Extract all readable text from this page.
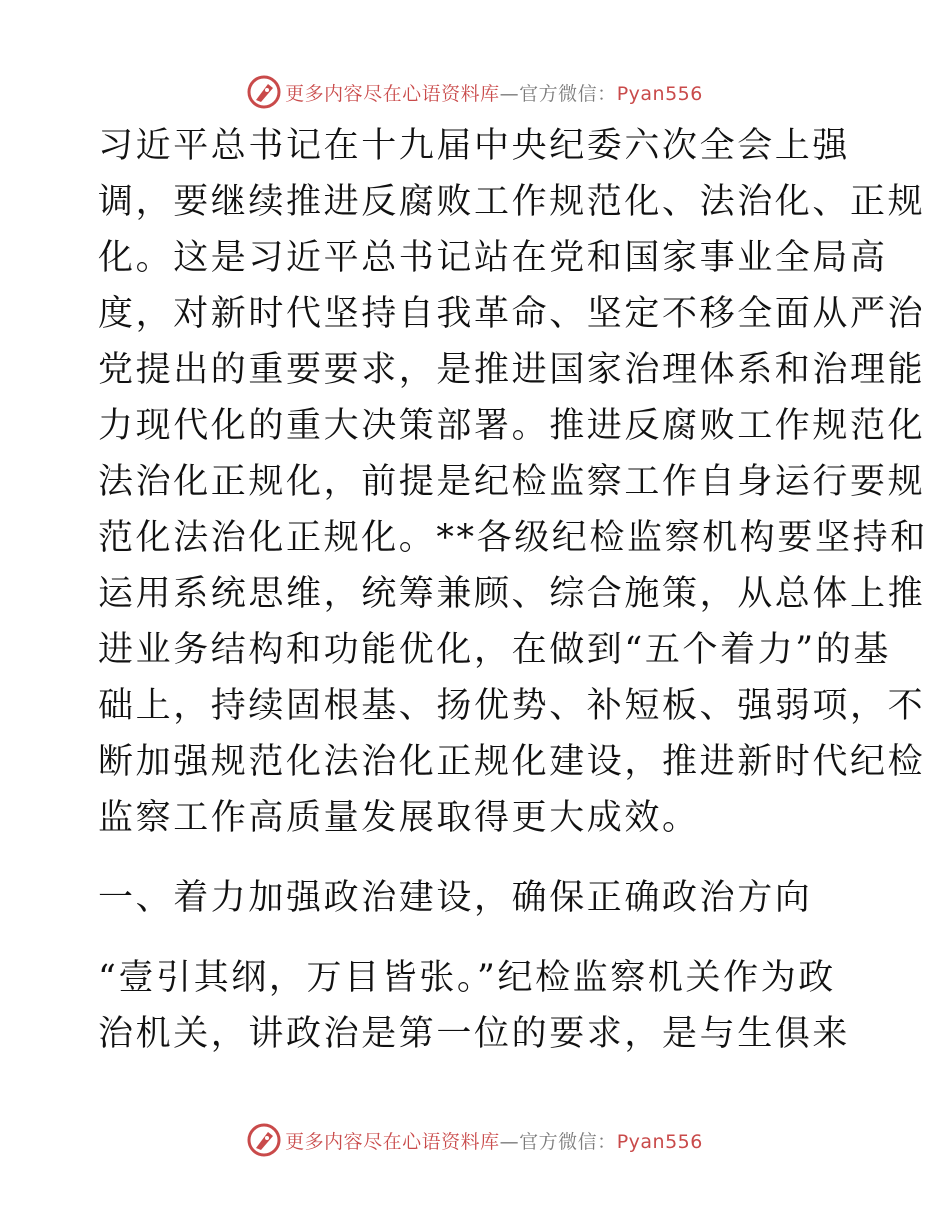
更多内容尽在心语资料库—官方微信：Pyan556
习近平总书记在十九届中央纪委六次全会上强
调，要继续推进反腐败工作规范化、法治化、正规
化。这是习近平总书记站在党和国家事业全局高
度，对新时代坚持自我革命、坚定不移全面从严治
党提出的重要要求，是推进国家治理体系和治理能
力现代化的重大决策部署。推进反腐败工作规范化
法治化正规化，前提是纪检监察工作自身运行要规
范化法治化正规化。**各级纪检监察机构要坚持和
运用系统思维，统筹兼顾、综合施策，从总体上推
进业务结构和功能优化，在做到“五个着力”的基
础上，持续固根基、扬优势、补短板、强弱项，不
断加强规范化法治化正规化建设，推进新时代纪检
监察工作高质量发展取得更大成效。
一、着力加强政治建设，确保正确政治方向
“壹引其纲，万目皆张。”纪检监察机关作为政
治机关，讲政治是第一位的要求，是与生俱来
更多内容尽在心语资料库—官方微信：Pyan556
